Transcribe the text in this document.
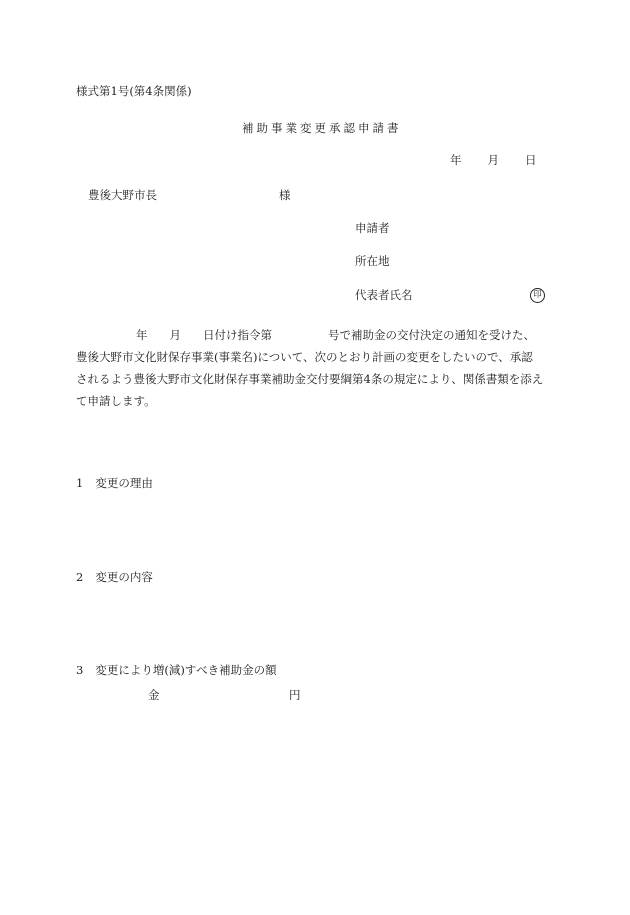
様式第1号(第4条関係)
補助事業変更承認申請書
年 月 日
豊後大野市長	様
申請者
所在地
代表者氏名	印
年 月 日付け指令第	号で補助金の交付決定の通知を受けた、
豊後大野市文化財保存事業(事業名)について、次のとおり計画の変更をしたいので、承認
されるよう豊後大野市文化財保存事業補助金交付要綱第4条の規定により、関係書類を添え
て申請します。
1 変更の理由
2 変更の内容
3 変更により増(減)すべき補助金の額
金	円
